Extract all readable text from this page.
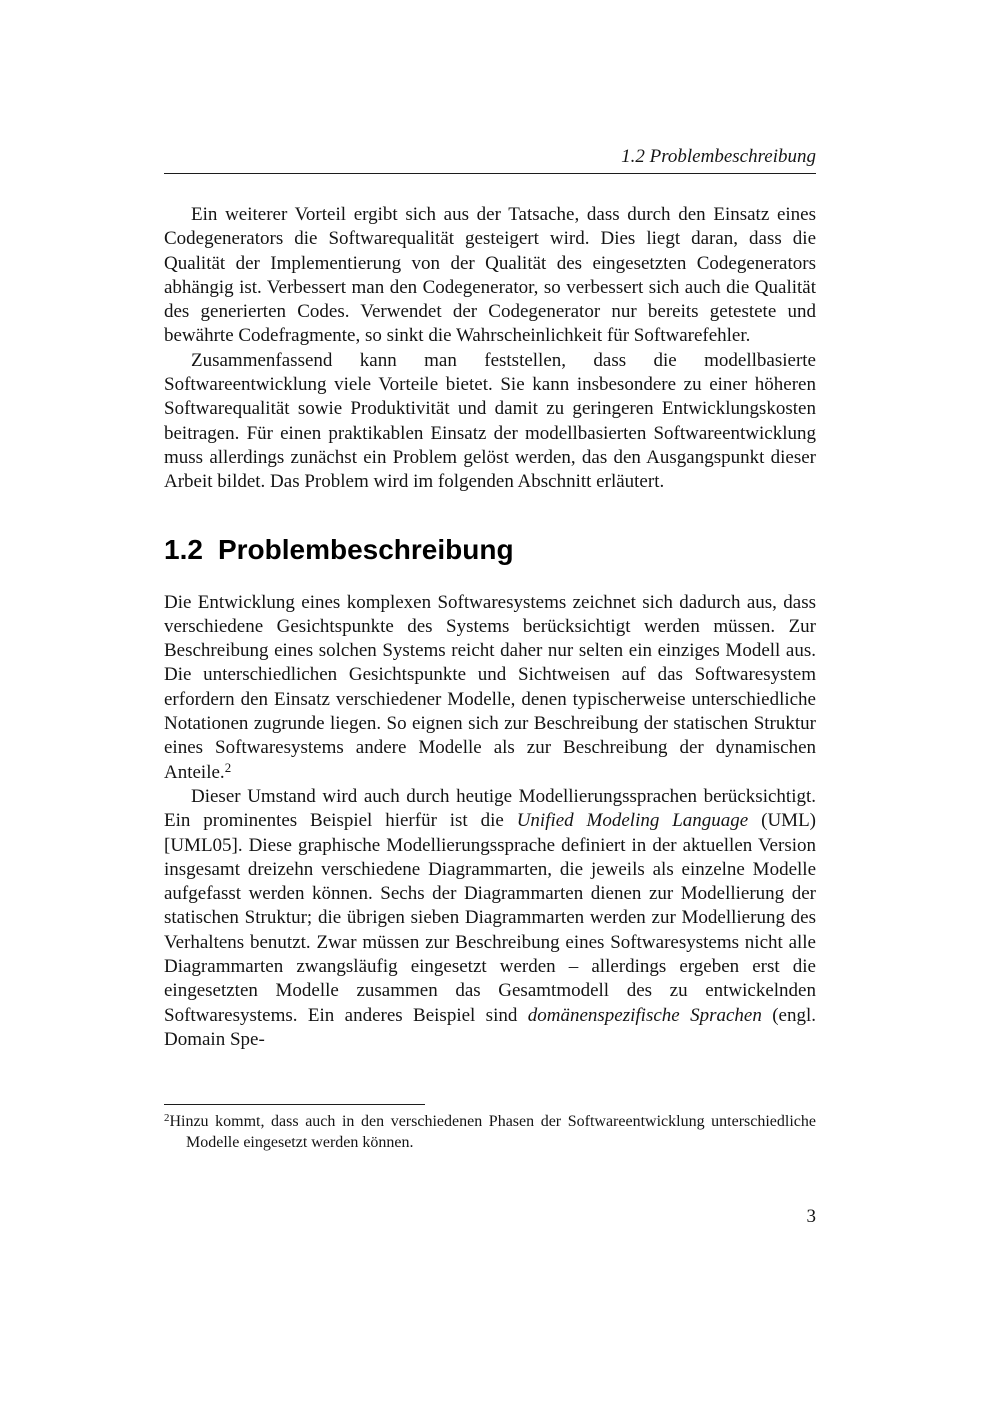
1.2 Problembeschreibung

Ein weiterer Vorteil ergibt sich aus der Tatsache, dass durch den Einsatz eines Codegenerators die Softwarequalität gesteigert wird. Dies liegt daran, dass die Qualität der Implementierung von der Qualität des eingesetzten Codegenerators abhängig ist. Verbessert man den Codegenerator, so verbessert sich auch die Qualität des generierten Codes. Verwendet der Codegenerator nur bereits getestete und bewährte Codefragmente, so sinkt die Wahrscheinlichkeit für Softwarefehler.

Zusammenfassend kann man feststellen, dass die modellbasierte Softwareentwicklung viele Vorteile bietet. Sie kann insbesondere zu einer höheren Softwarequalität sowie Produktivität und damit zu geringeren Entwicklungskosten beitragen. Für einen praktikablen Einsatz der modellbasierten Softwareentwicklung muss allerdings zunächst ein Problem gelöst werden, das den Ausgangspunkt dieser Arbeit bildet. Das Problem wird im folgenden Abschnitt erläutert.

1.2 Problembeschreibung

Die Entwicklung eines komplexen Softwaresystems zeichnet sich dadurch aus, dass verschiedene Gesichtspunkte des Systems berücksichtigt werden müssen. Zur Beschreibung eines solchen Systems reicht daher nur selten ein einziges Modell aus. Die unterschiedlichen Gesichtspunkte und Sichtweisen auf das Softwaresystem erfordern den Einsatz verschiedener Modelle, denen typischerweise unterschiedliche Notationen zugrunde liegen. So eignen sich zur Beschreibung der statischen Struktur eines Softwaresystems andere Modelle als zur Beschreibung der dynamischen Anteile.$^2$

Dieser Umstand wird auch durch heutige Modellierungssprachen berücksichtigt. Ein prominentes Beispiel hierfür ist die Unified Modeling Language (UML) [UML05]. Diese graphische Modellierungssprache definiert in der aktuellen Version insgesamt dreizehn verschiedene Diagrammarten, die jeweils als einzelne Modelle aufgefasst werden können. Sechs der Diagrammarten dienen zur Modellierung der statischen Struktur; die übrigen sieben Diagrammarten werden zur Modellierung des Verhaltens benutzt. Zwar müssen zur Beschreibung eines Softwaresystems nicht alle Diagrammarten zwangsläufig eingesetzt werden – allerdings ergeben erst die eingesetzten Modelle zusammen das Gesamtmodell des zu entwickelnden Softwaresystems. Ein anderes Beispiel sind domänenspezifische Sprachen (engl. Domain Spe-

$^2$Hinzu kommt, dass auch in den verschiedenen Phasen der Softwareentwicklung unterschiedliche Modelle eingesetzt werden können.

3
